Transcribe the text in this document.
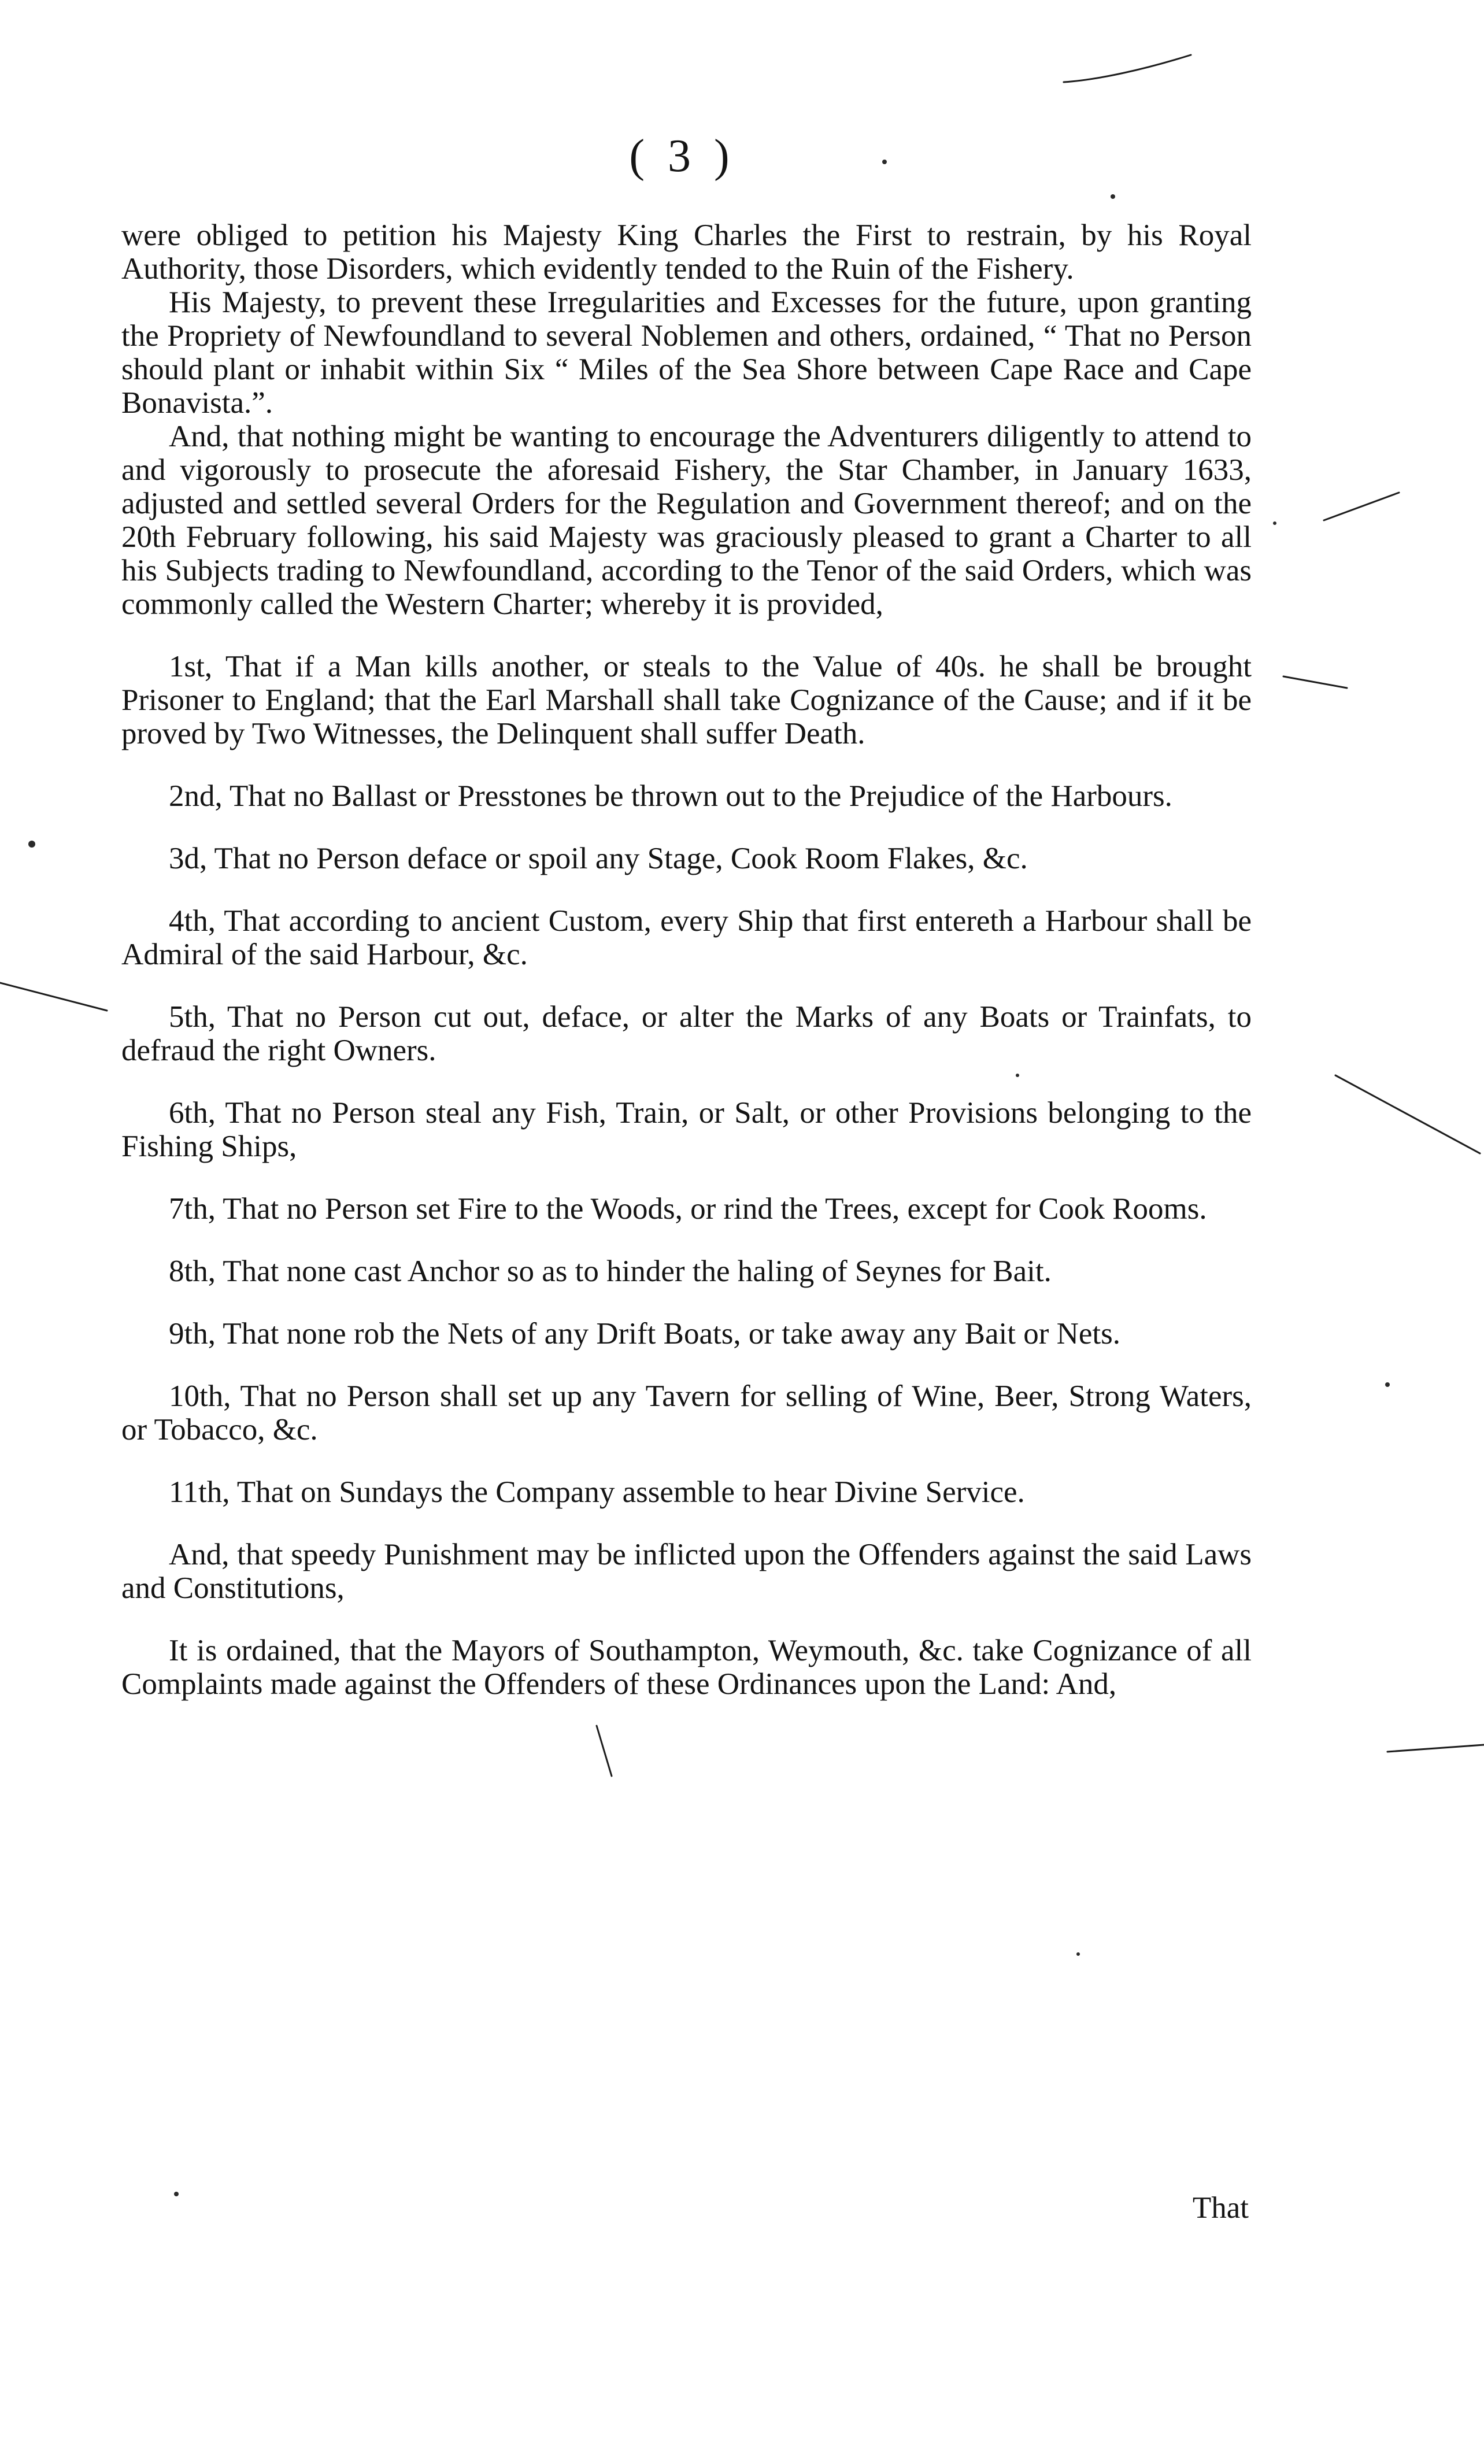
( 3 )

were obliged to petition his Majesty King Charles the First to restrain, by his Royal Authority, those Disorders, which evidently tended to the Ruin of the Fishery.

His Majesty, to prevent these Irregularities and Excesses for the future, upon granting the Propriety of Newfoundland to several Noblemen and others, ordained, “ That no Person should plant or inhabit within Six “ Miles of the Sea Shore between Cape Race and Cape Bonavista.”.

And, that nothing might be wanting to encourage the Adventurers diligently to attend to and vigorously to prosecute the aforesaid Fishery, the Star Chamber, in January 1633, adjusted and settled several Orders for the Regulation and Government thereof; and on the 20th February following, his said Majesty was graciously pleased to grant a Charter to all his Subjects trading to Newfoundland, according to the Tenor of the said Orders, which was commonly called the Western Charter; whereby it is provided,

1st, That if a Man kills another, or steals to the Value of 40s. he shall be brought Prisoner to England; that the Earl Marshall shall take Cognizance of the Cause; and if it be proved by Two Witnesses, the Delinquent shall suffer Death.

2nd, That no Ballast or Presstones be thrown out to the Prejudice of the Harbours.

3d, That no Person deface or spoil any Stage, Cook Room Flakes, &c.

4th, That according to ancient Custom, every Ship that first entereth a Harbour shall be Admiral of the said Harbour, &c.

5th, That no Person cut out, deface, or alter the Marks of any Boats or Trainfats, to defraud the right Owners.

6th, That no Person steal any Fish, Train, or Salt, or other Provisions belonging to the Fishing Ships,

7th, That no Person set Fire to the Woods, or rind the Trees, except for Cook Rooms.

8th, That none cast Anchor so as to hinder the haling of Seynes for Bait.

9th, That none rob the Nets of any Drift Boats, or take away any Bait or Nets.

10th, That no Person shall set up any Tavern for selling of Wine, Beer, Strong Waters, or Tobacco, &c.

11th, That on Sundays the Company assemble to hear Divine Service.

And, that speedy Punishment may be inflicted upon the Offenders against the said Laws and Constitutions,

It is ordained, that the Mayors of Southampton, Weymouth, &c. take Cognizance of all Complaints made against the Offenders of these Ordinances upon the Land: And,

That
